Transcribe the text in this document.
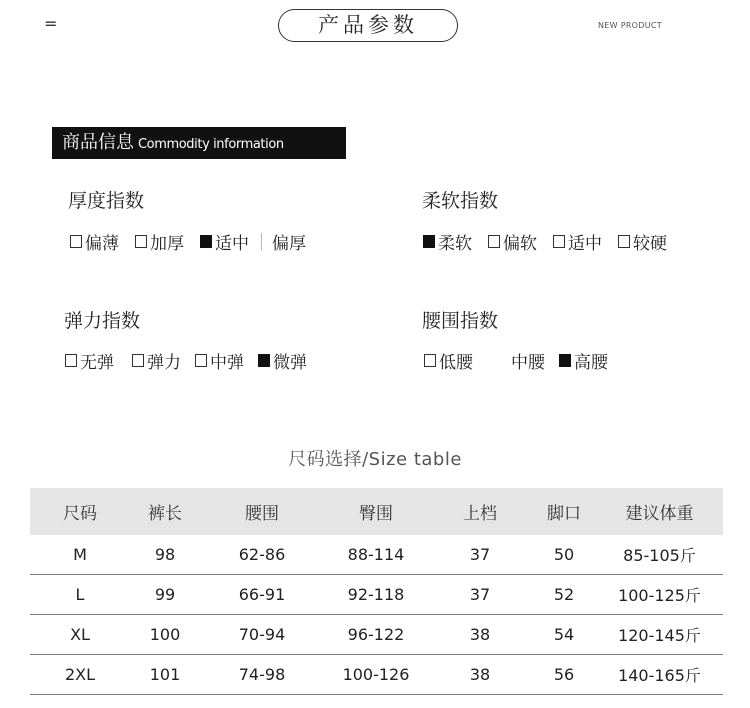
=	产品参数	NEW PRODUCT
商品信息 Commodity information
厚度指数
偏薄 加厚 适中 偏厚
柔软指数
柔软 偏软 适中 较硬
弹力指数
无弹 弹力 中弹 微弹
腰围指数
低腰 中腰 高腰
尺码选择/Size table
尺码	裤长	腰围	臀围	上档	脚口	建议体重
M	98	62-86	88-114	37	50	85-105斤
L	99	66-91	92-118	37	52	100-125斤
XL	100	70-94	96-122	38	54	120-145斤
2XL	101	74-98	100-126	38	56	140-165斤
